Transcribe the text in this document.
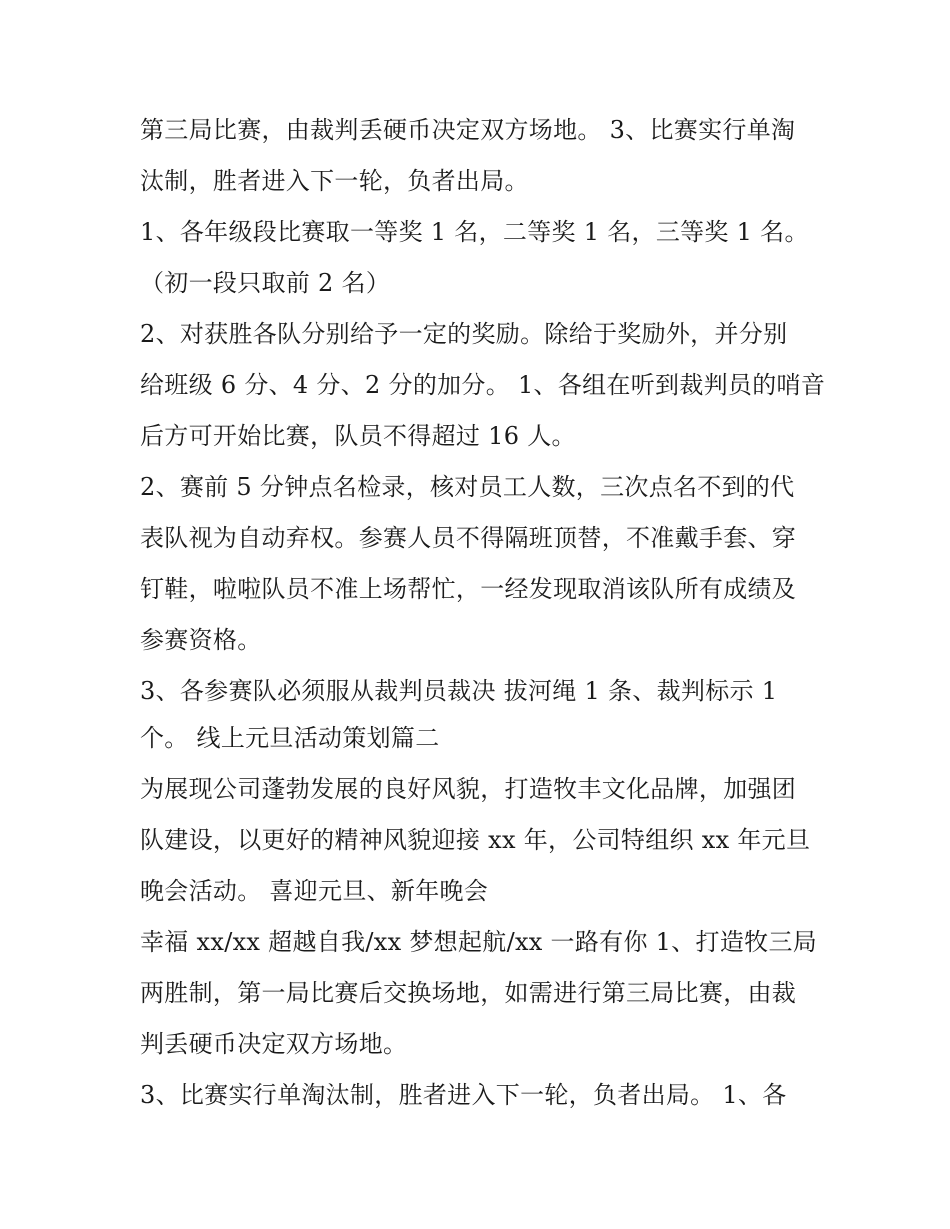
第三局比赛，由裁判丢硬币决定双方场地。 3、比赛实行单淘
汰制，胜者进入下一轮，负者出局。
1、各年级段比赛取一等奖 1 名，二等奖 1 名，三等奖 1 名。
（初一段只取前 2 名）
2、对获胜各队分别给予一定的奖励。除给于奖励外，并分别
给班级 6 分、4 分、2 分的加分。 1、各组在听到裁判员的哨音
后方可开始比赛，队员不得超过 16 人。
2、赛前 5 分钟点名检录，核对员工人数，三次点名不到的代
表队视为自动弃权。参赛人员不得隔班顶替，不准戴手套、穿
钉鞋，啦啦队员不准上场帮忙，一经发现取消该队所有成绩及
参赛资格。
3、各参赛队必须服从裁判员裁决 拔河绳 1 条、裁判标示 1
个。 线上元旦活动策划篇二
为展现公司蓬勃发展的良好风貌，打造牧丰文化品牌，加强团
队建设，以更好的精神风貌迎接 xx 年，公司特组织 xx 年元旦
晚会活动。 喜迎元旦、新年晚会
幸福 xx/xx 超越自我/xx 梦想起航/xx 一路有你 1、打造牧三局
两胜制，第一局比赛后交换场地，如需进行第三局比赛，由裁
判丢硬币决定双方场地。
3、比赛实行单淘汰制，胜者进入下一轮，负者出局。 1、各
